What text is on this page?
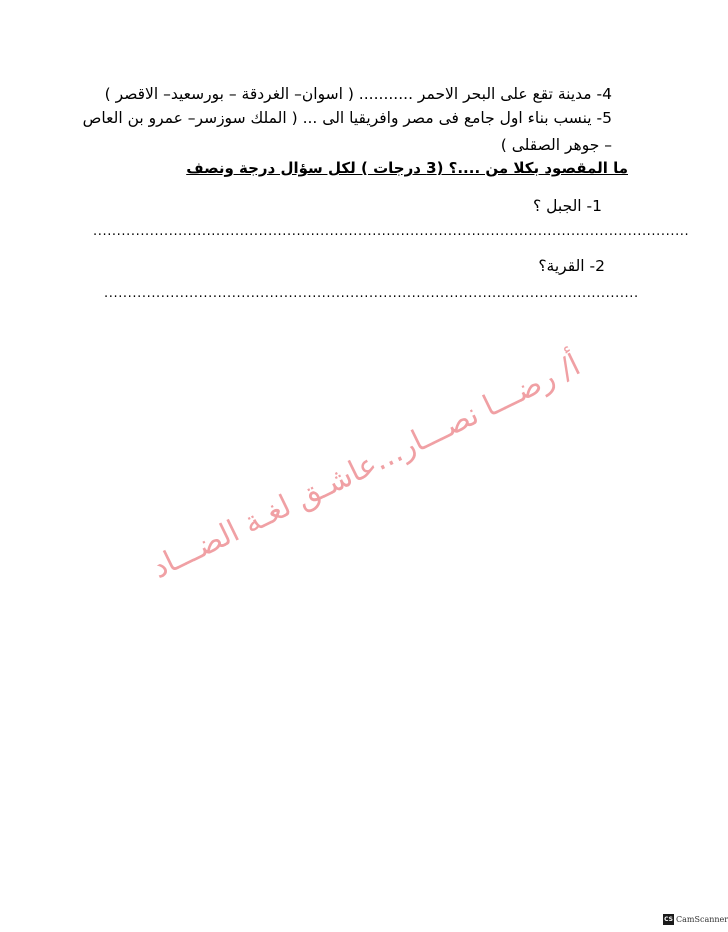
4- مدينة تقع على البحر الاحمر ........... ( اسوان– الغردقة – بورسعيد– الاقصر )
5- ينسب بناء اول جامع فى مصر وافريقيا الى ... ( الملك سوزسر– عمرو بن العاص
– جوهر الصقلى )
ما المقصود بكلا من ....؟ (3 درجات ) لكل سؤال درجة ونصف
1- الجبل ؟
..............................................................................................................................
2- القرية؟
.................................................................................................................
أ/ رضـــا نصـــار...عاشـق لغـة الضـــاد
CS CamScanner
